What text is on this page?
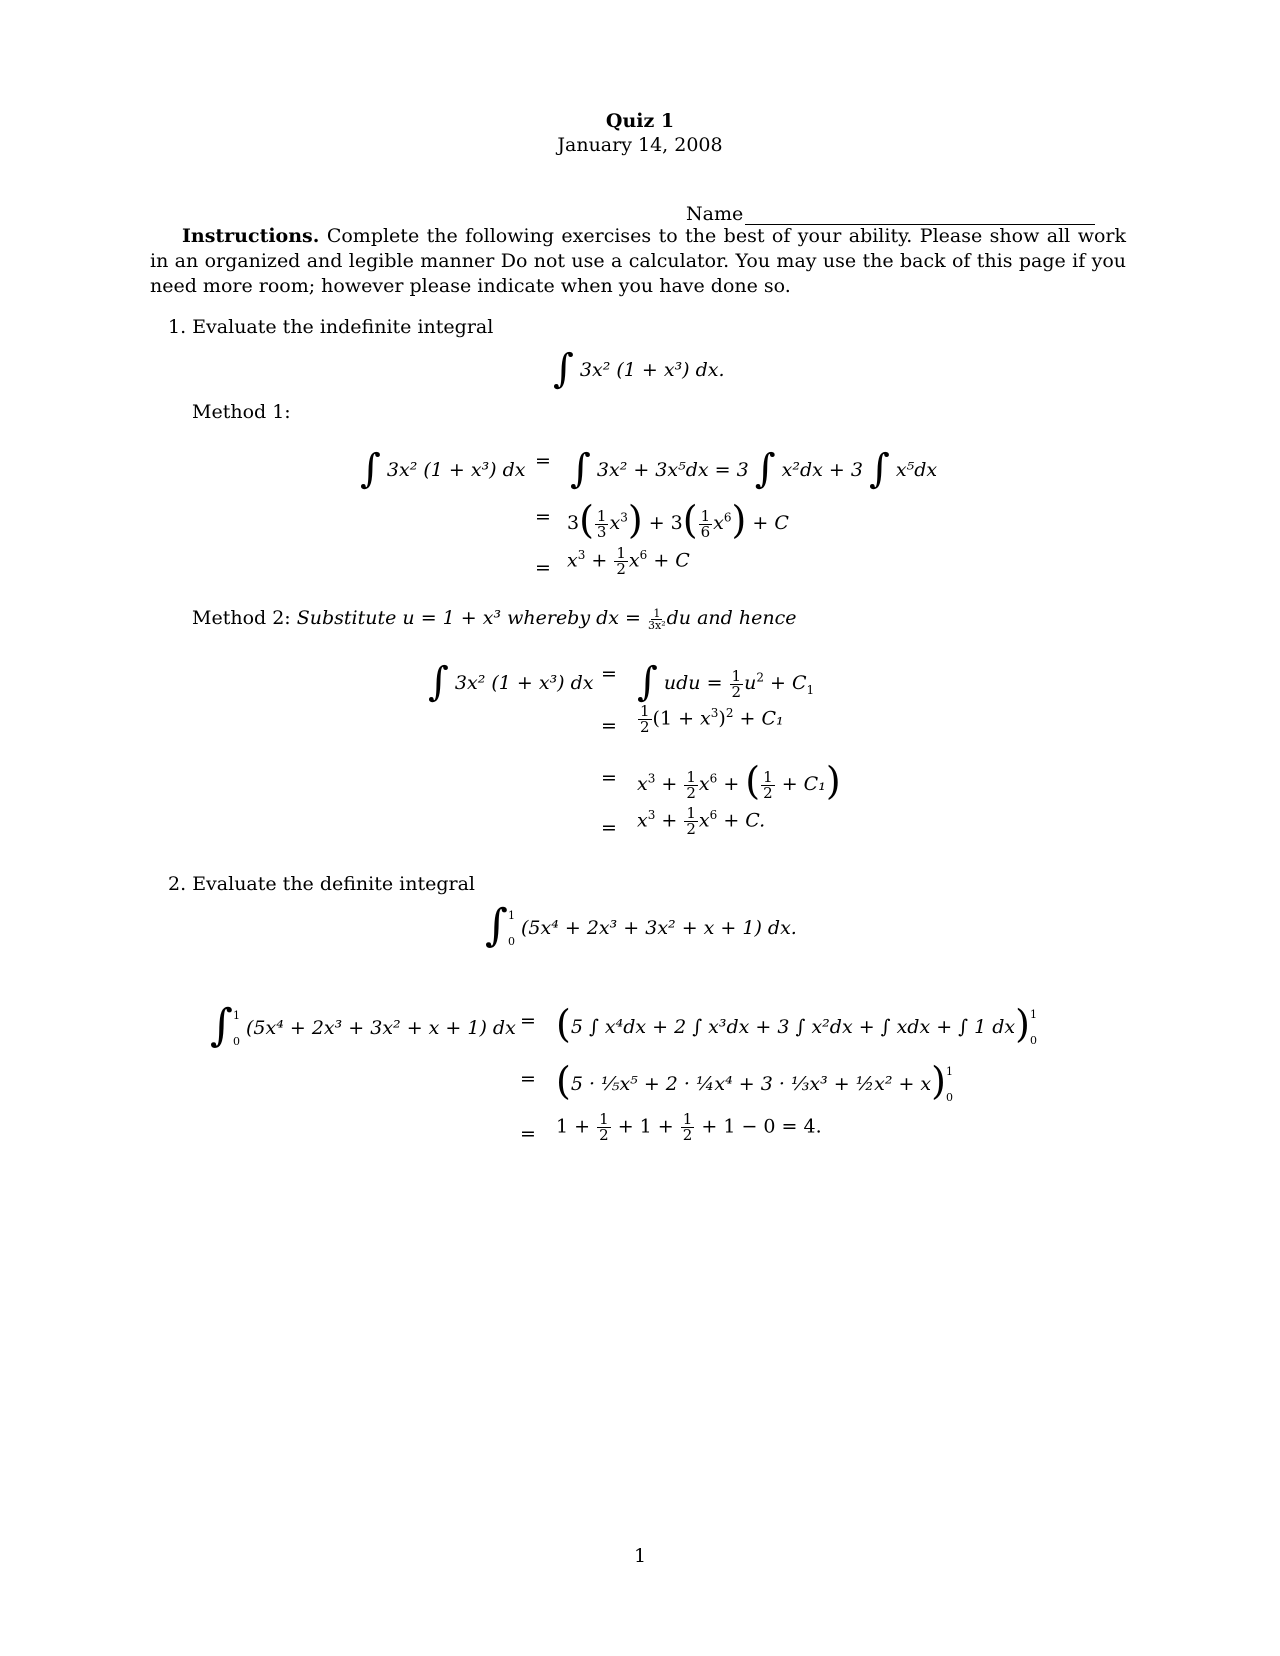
Quiz 1
January 14, 2008
Name
Instructions. Complete the following exercises to the best of your ability. Please show all work in an organized and legible manner Do not use a calculator. You may use the back of this page if you need more room; however please indicate when you have done so.
1. Evaluate the indefinite integral
∫ 3x² (1 + x³) dx.
Method 1:
∫ 3x² (1 + x³) dx = ∫ 3x² + 3x⁵dx = 3 ∫ x²dx + 3 ∫ x⁵dx
= $3( \frac{1}{3} x^3) + 3( \frac{1}{6} x^6) + C$
= $x^3 + \frac{1}{2} x^6 + C$
Method 2: Substitute u = 1 + x³ whereby dx = $\frac{1}{\text{3x²}}$ du and hence
∫ 3x² (1 + x³) dx = ∫ udu = $\frac{1}{2} u^2 + C_1$
= $\frac{1}{2} (1 + x^3)^2 + C_1$
= $x^3 + \frac{1}{2} x^6$ + ( $\frac{1}{2} + C_1$)
= $x^3 + \frac{1}{2} x^6 + C$.
2. Evaluate the definite integral
∫ 1
0
(5x⁴ + 2x³ + 3x² + x + 1) dx.
∫ 1
0
(5x⁴ + 2x³ + 3x² + x + 1) dx = (5 ∫ x⁴dx + 2 ∫ x³dx + 3 ∫ x²dx + ∫ xdx + ∫ 1 dx) 1
0
= (5 · ⅕x⁵ + 2 · ¼x⁴ + 3 · ⅓x³ + ½x² + x) 1
0
= $1 + \frac{1}{2} + 1 + \frac{1}{2} + 1 - 0 = 4$.
1
